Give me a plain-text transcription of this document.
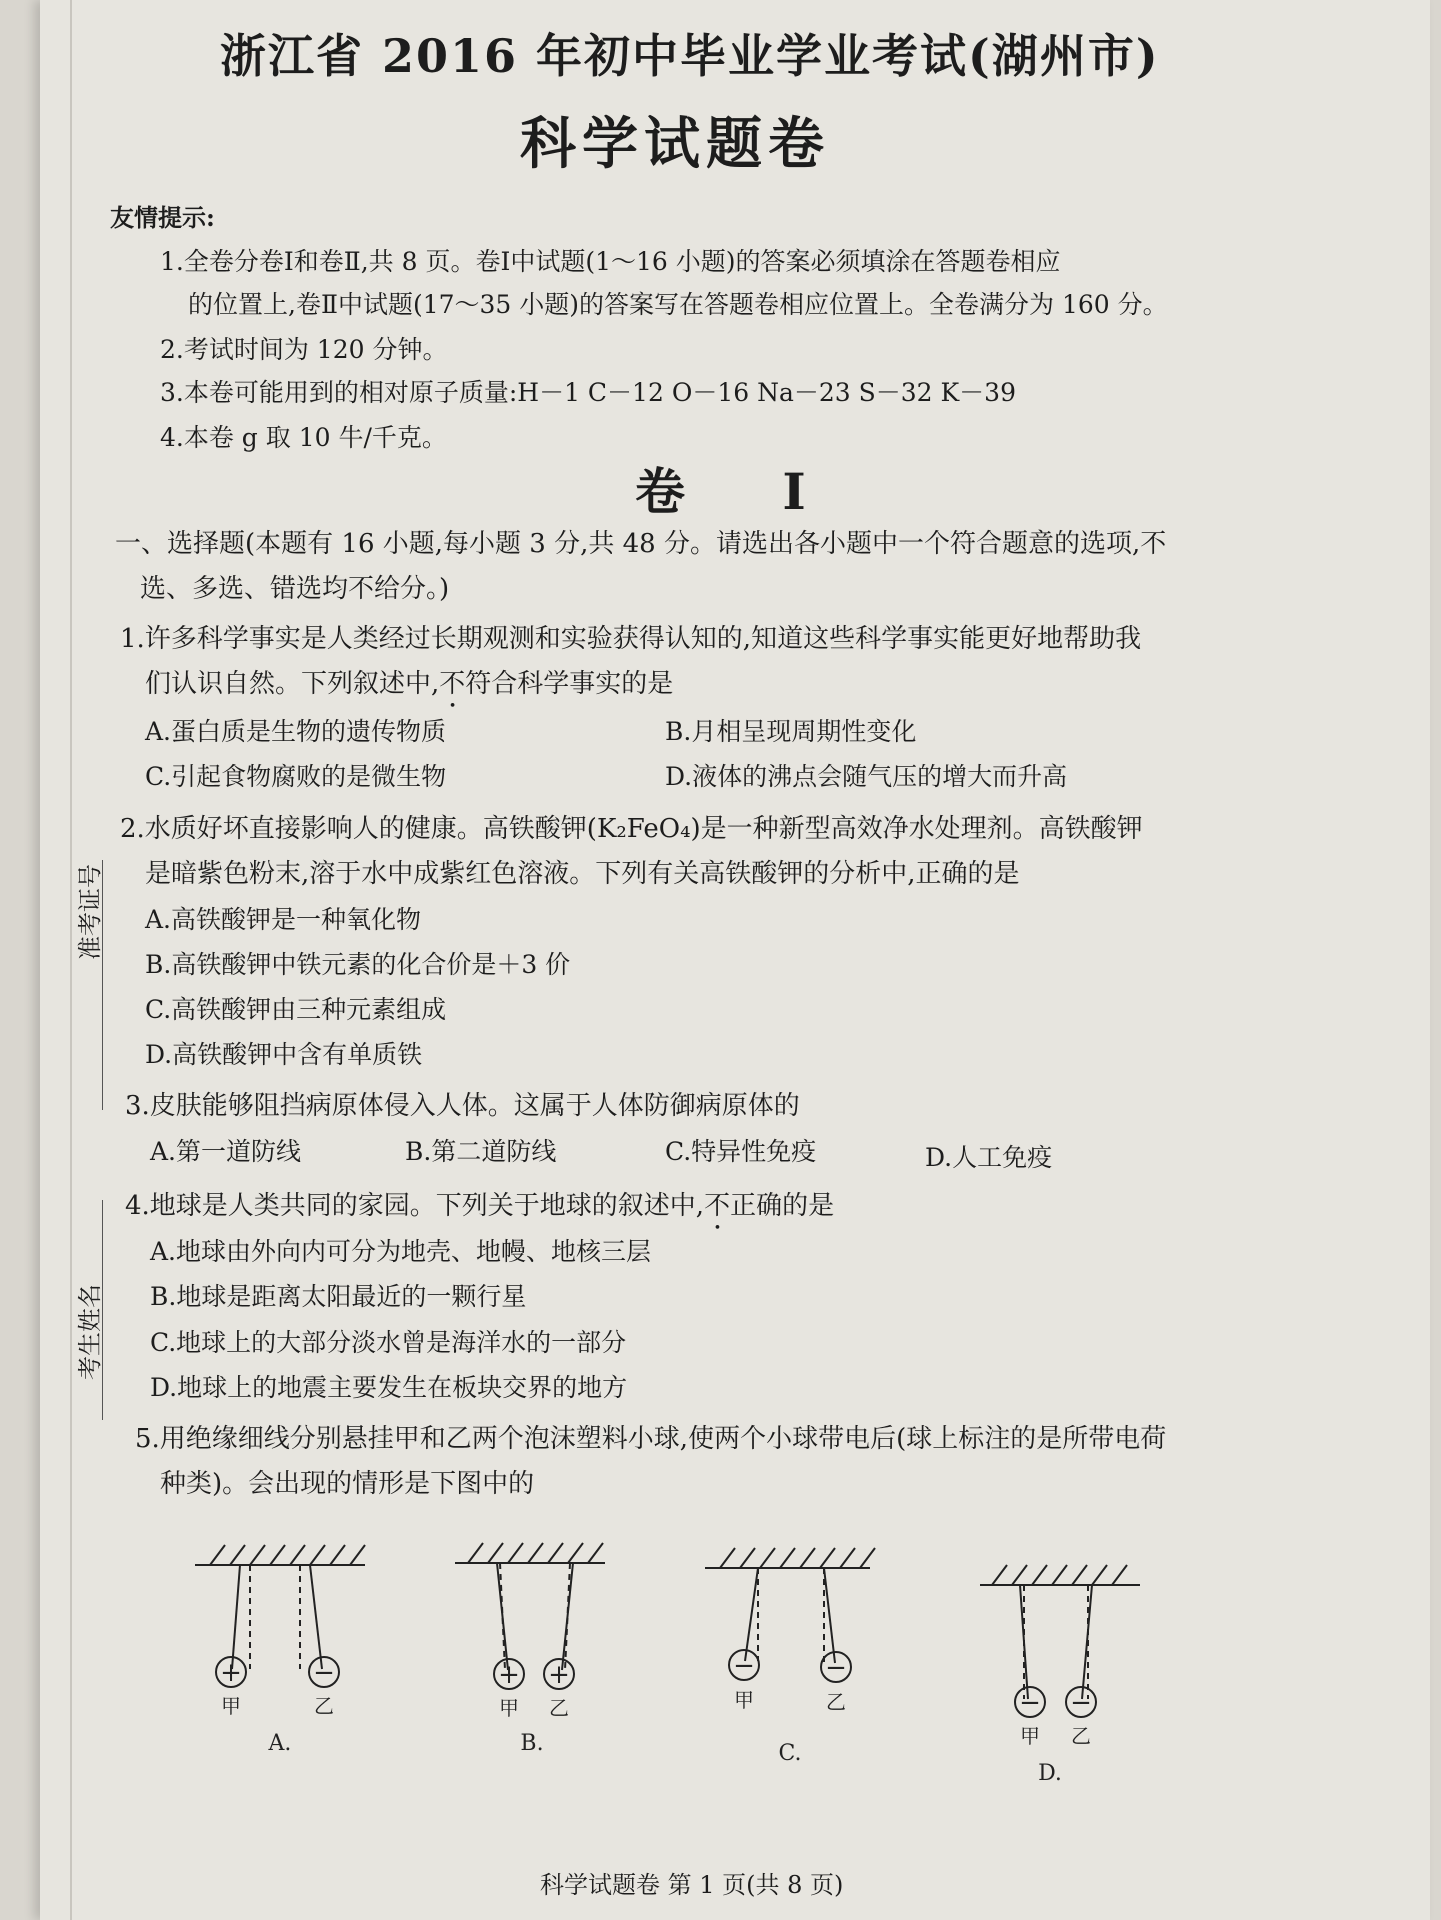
准考证号
考生姓名
浙江省 2016 年初中毕业学业考试(湖州市)
科学试题卷
友情提示:
1.全卷分卷Ⅰ和卷Ⅱ,共 8 页。卷Ⅰ中试题(1～16 小题)的答案必须填涂在答题卷相应
的位置上,卷Ⅱ中试题(17～35 小题)的答案写在答题卷相应位置上。全卷满分为 160 分。
2.考试时间为 120 分钟。
3.本卷可能用到的相对原子质量:H－1 C－12 O－16 Na－23 S－32 K－39
4.本卷 g 取 10 牛/千克。
卷 Ⅰ
一、选择题(本题有 16 小题,每小题 3 分,共 48 分。请选出各小题中一个符合题意的选项,不
选、多选、错选均不给分。)
1.许多科学事实是人类经过长期观测和实验获得认知的,知道这些科学事实能更好地帮助我
们认识自然。下列叙述中,不符合科学事实的是
A.蛋白质是生物的遗传物质	B.月相呈现周期性变化
C.引起食物腐败的是微生物	D.液体的沸点会随气压的增大而升高
2.水质好坏直接影响人的健康。高铁酸钾(K₂FeO₄)是一种新型高效净水处理剂。高铁酸钾
是暗紫色粉末,溶于水中成紫红色溶液。下列有关高铁酸钾的分析中,正确的是
A.高铁酸钾是一种氧化物
B.高铁酸钾中铁元素的化合价是＋3 价
C.高铁酸钾由三种元素组成
D.高铁酸钾中含有单质铁
3.皮肤能够阻挡病原体侵入人体。这属于人体防御病原体的
A.第一道防线	B.第二道防线	C.特异性免疫	D.人工免疫
4.地球是人类共同的家园。下列关于地球的叙述中,不正确的是
A.地球由外向内可分为地壳、地幔、地核三层
B.地球是距离太阳最近的一颗行星
C.地球上的大部分淡水曾是海洋水的一部分
D.地球上的地震主要发生在板块交界的地方
5.用绝缘细线分别悬挂甲和乙两个泡沫塑料小球,使两个小球带电后(球上标注的是所带电荷
种类)。会出现的情形是下图中的
+	−	+ +	−	−
− −
甲	乙	甲 乙	甲	乙
甲 乙
A.	B.	C.
D.
科学试题卷 第 1 页(共 8 页)
